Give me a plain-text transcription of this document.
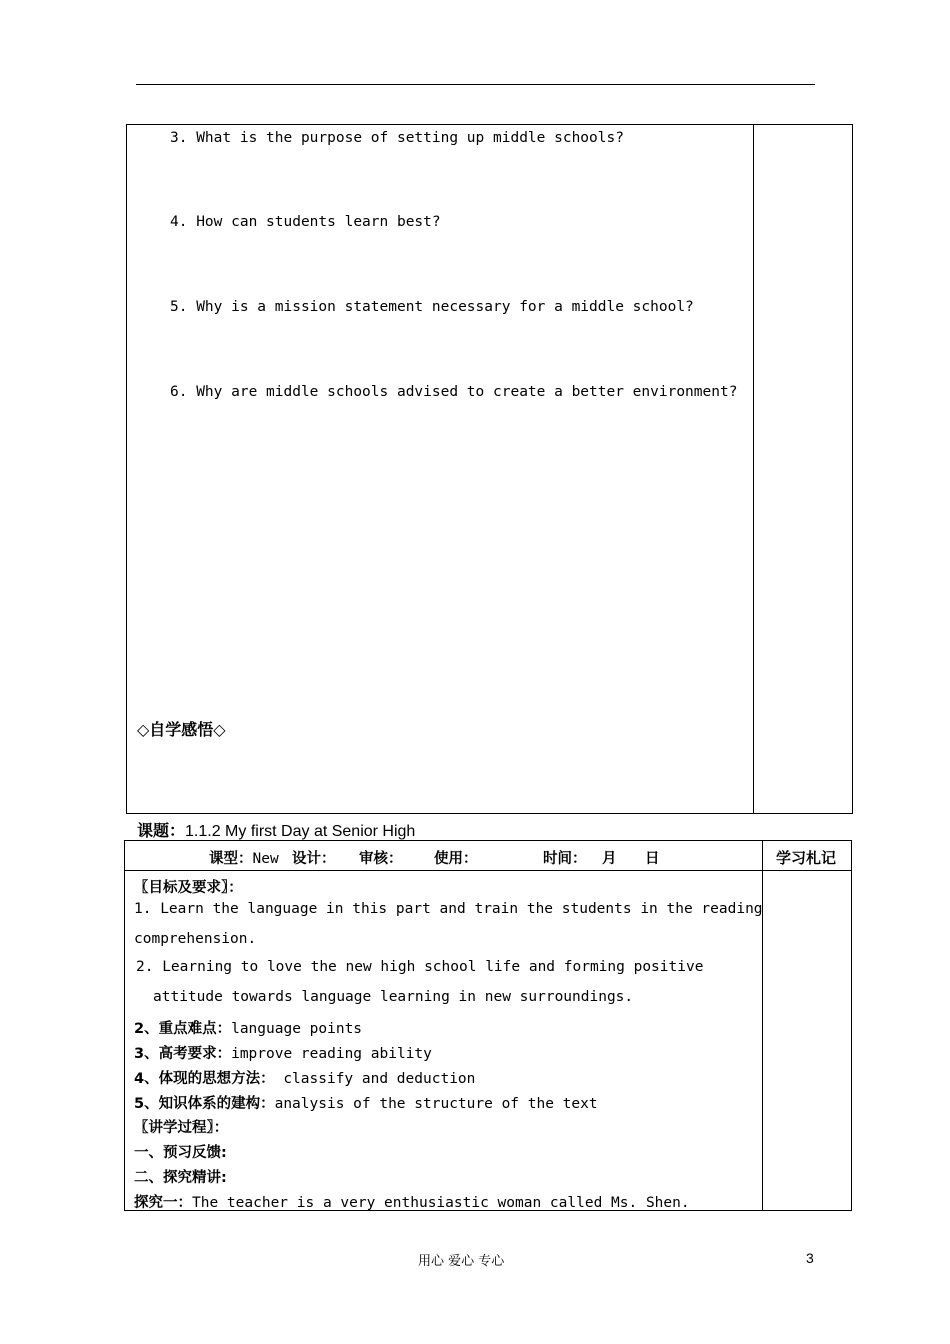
3. What is the purpose of setting up middle schools?
4. How can students learn best?
5. Why is a mission statement necessary for a middle school?
6. Why are middle schools advised to create a better environment?
◇自学感悟◇
课题：1.1.2 My first Day at Senior High
课型：New 设计： 审核： 使用：	时间： 月 日	学习札记
〖目标及要求〗：
1. Learn the language in this part and train the students in the reading
comprehension.
2. Learning to love the new high school life and forming positive
attitude towards language learning in new surroundings.
2、重点难点：language points
3、高考要求：improve reading ability
4、体现的思想方法： classify and deduction
5、知识体系的建构：analysis of the structure of the text
〖讲学过程〗：
一、预习反馈:
二、探究精讲:
探究一：The teacher is a very enthusiastic woman called Ms. Shen.
用心 爱心 专心	3
